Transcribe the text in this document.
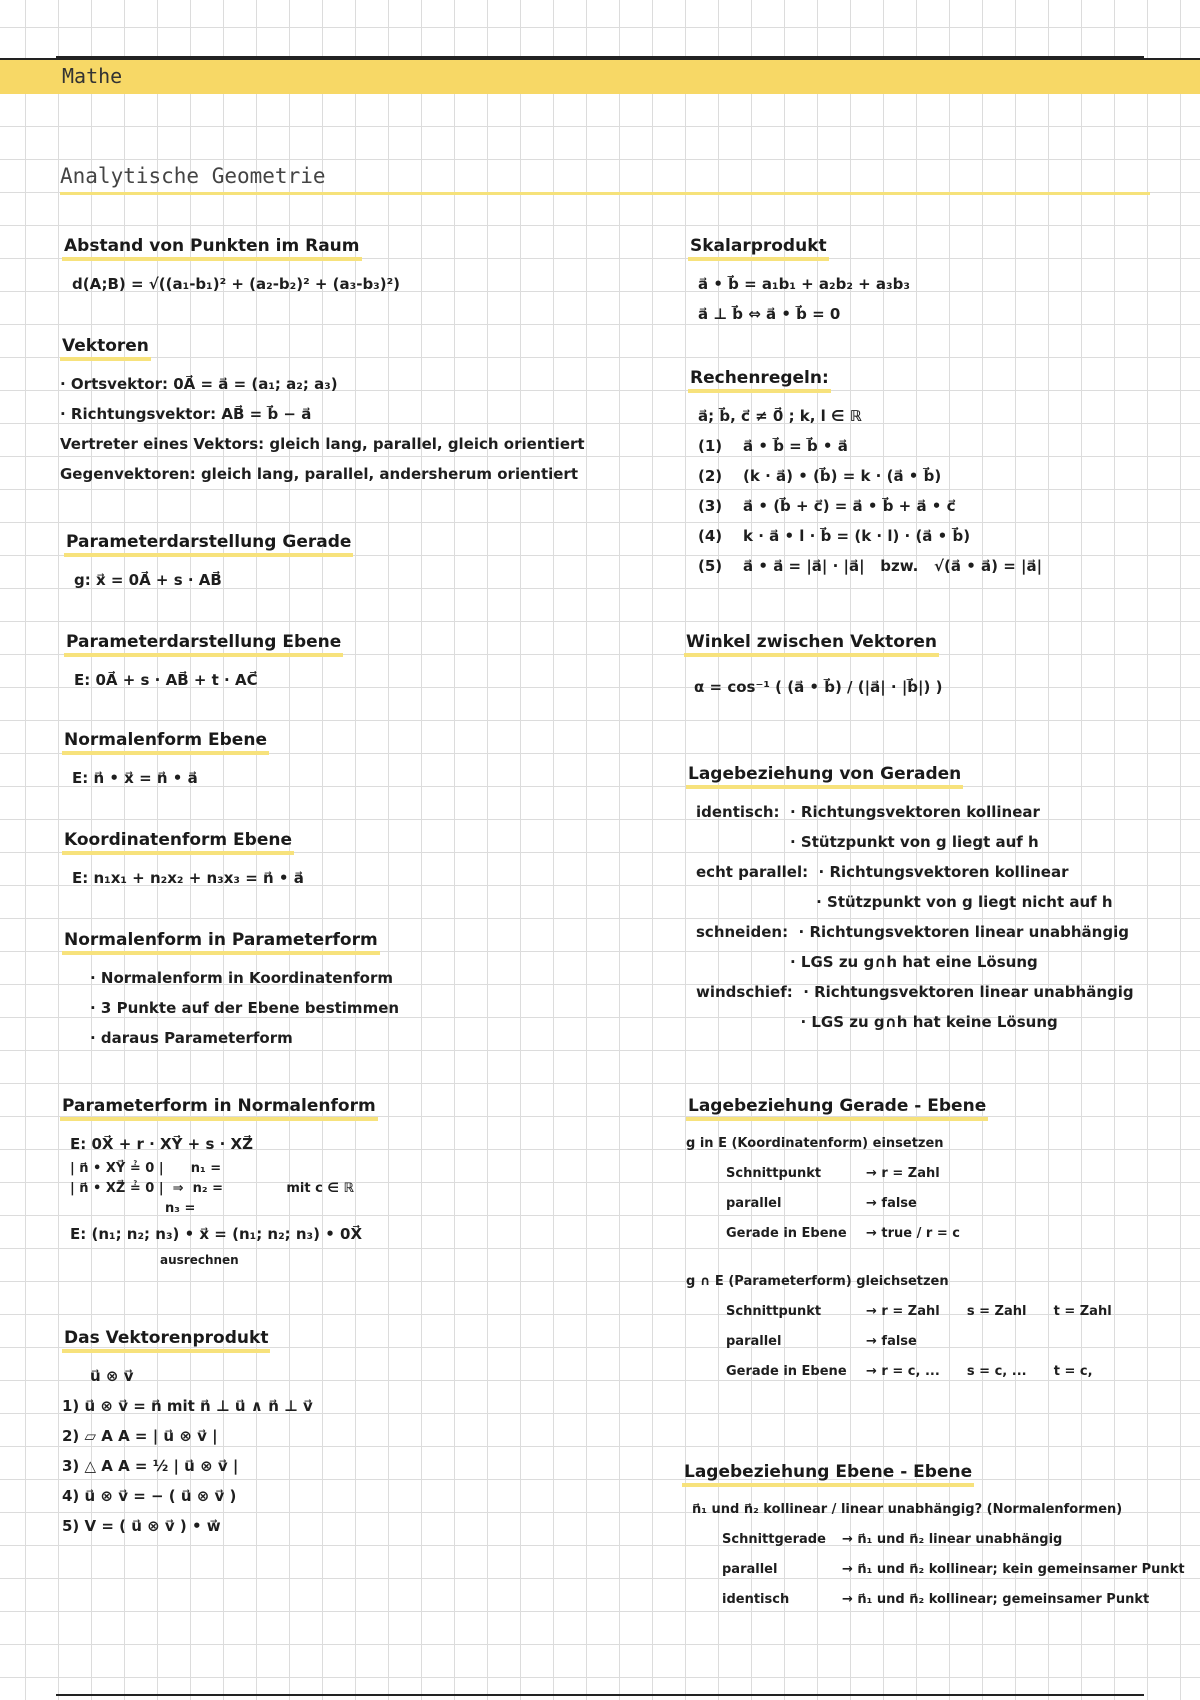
Mathe
Analytische Geometrie
Abstand von Punkten im Raum
d(A;B) = √((a₁-b₁)² + (a₂-b₂)² + (a₃-b₃)²)
Vektoren
· Ortsvektor: 0A⃗ = a⃗ = (a₁; a₂; a₃)
· Richtungsvektor: AB⃗ = b⃗ − a⃗
Vertreter eines Vektors: gleich lang, parallel, gleich orientiert
Gegenvektoren: gleich lang, parallel, andersherum orientiert
Parameterdarstellung Gerade
g: x⃗ = 0A⃗ + s · AB⃗
Parameterdarstellung Ebene
E: 0A⃗ + s · AB⃗ + t · AC⃗
Normalenform Ebene
E: n⃗ • x⃗ = n⃗ • a⃗
Koordinatenform Ebene
E: n₁x₁ + n₂x₂ + n₃x₃ = n⃗ • a⃗
Normalenform in Parameterform
· Normalenform in Koordinatenform
· 3 Punkte auf der Ebene bestimmen
· daraus Parameterform
Parameterform in Normalenform
E: 0X⃗ + r · XY⃗ + s · XZ⃗
| n⃗ • XY⃗ ≟ 0 |      n₁ =
| n⃗ • XZ⃗ ≟ 0 |  ⇒  n₂ =              mit c ∈ ℝ
n₃ =
E: (n₁; n₂; n₃) • x⃗ = (n₁; n₂; n₃) • 0X⃗
ausrechnen
Das Vektorenprodukt
u⃗ ⊗ v⃗
1) u⃗ ⊗ v⃗ = n⃗ mit n⃗ ⊥ u⃗ ∧ n⃗ ⊥ v⃗
2) ▱ A A = | u⃗ ⊗ v⃗ |
3) △ A A = ½ | u⃗ ⊗ v⃗ |
4) u⃗ ⊗ v⃗ = − ( u⃗ ⊗ v⃗ )
5) V = ( u⃗ ⊗ v⃗ ) • w⃗
Skalarprodukt
a⃗ • b⃗ = a₁b₁ + a₂b₂ + a₃b₃
a⃗ ⊥ b⃗ ⇔ a⃗ • b⃗ = 0
Rechenregeln:
a⃗; b⃗, c⃗ ≠ 0⃗ ; k, l ∈ ℝ
(1)    a⃗ • b⃗ = b⃗ • a⃗
(2)    (k · a⃗) • (b⃗) = k · (a⃗ • b⃗)
(3)    a⃗ • (b⃗ + c⃗) = a⃗ • b⃗ + a⃗ • c⃗
(4)    k · a⃗ • l · b⃗ = (k · l) · (a⃗ • b⃗)
(5)    a⃗ • a⃗ = |a⃗| · |a⃗|   bzw.   √(a⃗ • a⃗) = |a⃗|
Winkel zwischen Vektoren
α = cos⁻¹ ( (a⃗ • b⃗) / (|a⃗| · |b⃗|) )
Lagebeziehung von Geraden
identisch:  · Richtungsvektoren kollinear
· Stützpunkt von g liegt auf h
echt parallel:  · Richtungsvektoren kollinear
· Stützpunkt von g liegt nicht auf h
schneiden:  · Richtungsvektoren linear unabhängig
· LGS zu g∩h hat eine Lösung
windschief:  · Richtungsvektoren linear unabhängig
· LGS zu g∩h hat keine Lösung
Lagebeziehung Gerade - Ebene
g in E (Koordinatenform) einsetzen
Schnittpunkt	→ r = Zahl
parallel	→ false
Gerade in Ebene → true / r = c
g ∩ E (Parameterform) gleichsetzen
Schnittpunkt	→ r = Zahl      s = Zahl      t = Zahl
parallel	→ false
Gerade in Ebene → r = c, ...      s = c, ...      t = c,
Lagebeziehung Ebene - Ebene
n⃗₁ und n⃗₂ kollinear / linear unabhängig? (Normalenformen)
Schnittgerade → n⃗₁ und n⃗₂ linear unabhängig
parallel	→ n⃗₁ und n⃗₂ kollinear; kein gemeinsamer Punkt
identisch	→ n⃗₁ und n⃗₂ kollinear; gemeinsamer Punkt
